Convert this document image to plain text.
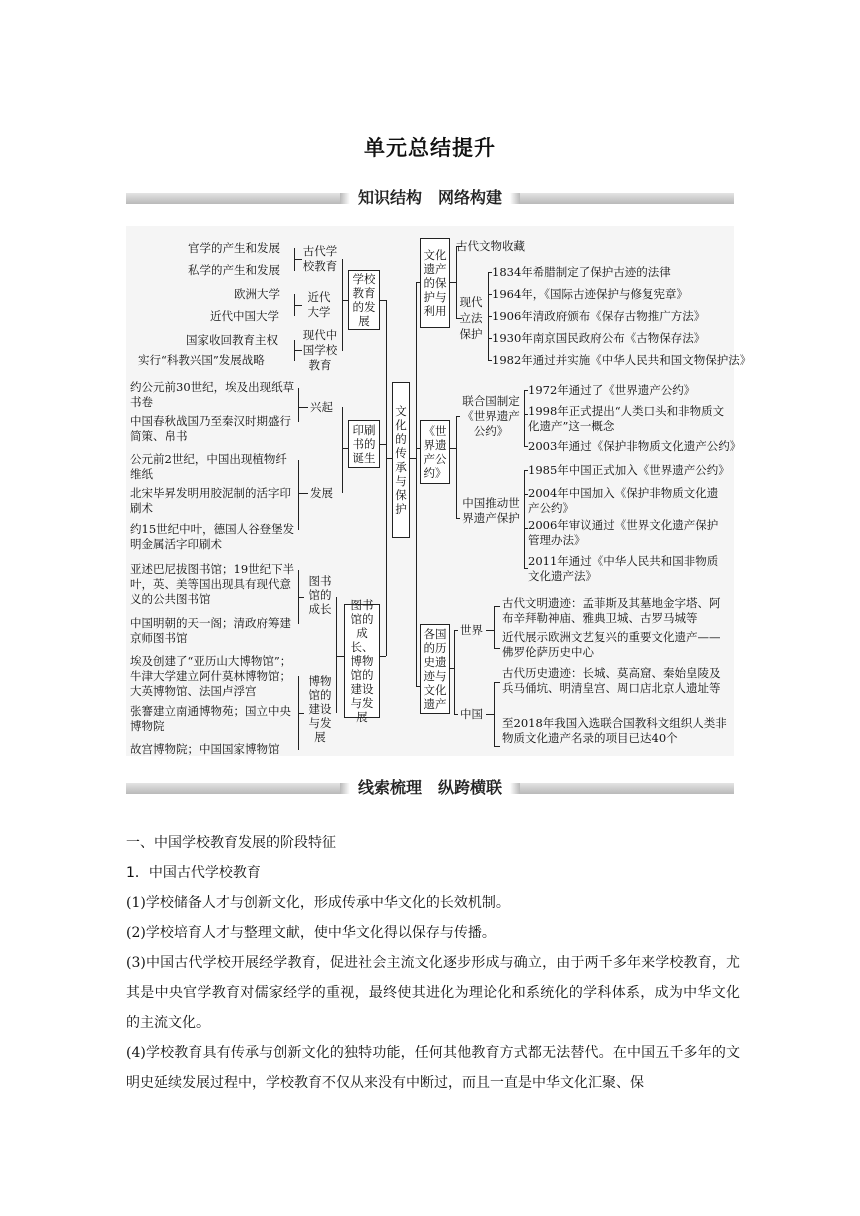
单元总结提升
知识结构　网络构建
官学的产生和发展
私学的产生和发展
欧洲大学
近代中国大学
国家收回教育主权
实行“科教兴国”发展战略
古代学校教育
近代大学
现代中国学校教育
学校教育的发展
约公元前30世纪，埃及出现纸草书卷
中国春秋战国乃至秦汉时期盛行简策、帛书
公元前2世纪，中国出现植物纤维纸
北宋毕昇发明用胶泥制的活字印刷术
约15世纪中叶，德国人谷登堡发明金属活字印刷术
兴起
发展
印刷书的诞生
亚述巴尼拔图书馆；19世纪下半叶，英、美等国出现具有现代意义的公共图书馆
中国明朝的天一阁；清政府筹建京师图书馆
埃及创建了“亚历山大博物馆”；牛津大学建立阿什莫林博物馆；大英博物馆、法国卢浮宫
张謇建立南通博物苑；国立中央博物院
故宫博物院；中国国家博物馆
图书馆的成长
博物馆的建设与发展
图书馆的成长、博物馆的建设与发展
文化的传承与保护
文化遗产的保护与利用
古代文物收藏
现代立法保护
1834年希腊制定了保护古迹的法律
1964年，《国际古迹保护与修复宪章》
1906年清政府颁布《保存古物推广方法》
1930年南京国民政府公布《古物保存法》
1982年通过并实施《中华人民共和国文物保护法》
《世界遗产公约》
联合国制定《世界遗产公约》
中国推动世界遗产保护
1972年通过了《世界遗产公约》
1998年正式提出“人类口头和非物质文化遗产”这一概念
2003年通过《保护非物质文化遗产公约》
1985年中国正式加入《世界遗产公约》
2004年中国加入《保护非物质文化遗产公约》
2006年审议通过《世界文化遗产保护管理办法》
2011年通过《中华人民共和国非物质文化遗产法》
各国的历史遗迹与文化遗产
世界
中国
古代文明遗迹：孟菲斯及其墓地金字塔、阿布辛拜勒神庙、雅典卫城、古罗马城等
近代展示欧洲文艺复兴的重要文化遗产——佛罗伦萨历史中心
古代历史遗迹：长城、莫高窟、秦始皇陵及兵马俑坑、明清皇宫、周口店北京人遗址等
至2018年我国入选联合国教科文组织人类非物质文化遗产名录的项目已达40个
线索梳理　纵跨横联
一、中国学校教育发展的阶段特征
1．中国古代学校教育
(1)学校储备人才与创新文化，形成传承中华文化的长效机制。
(2)学校培育人才与整理文献，使中华文化得以保存与传播。
(3)中国古代学校开展经学教育，促进社会主流文化逐步形成与确立，由于两千多年来学校教育，尤其是中央官学教育对儒家经学的重视，最终使其进化为理论化和系统化的学科体系，成为中华文化的主流文化。
(4)学校教育具有传承与创新文化的独特功能，任何其他教育方式都无法替代。在中国五千多年的文明史延续发展过程中，学校教育不仅从来没有中断过，而且一直是中华文化汇聚、保
